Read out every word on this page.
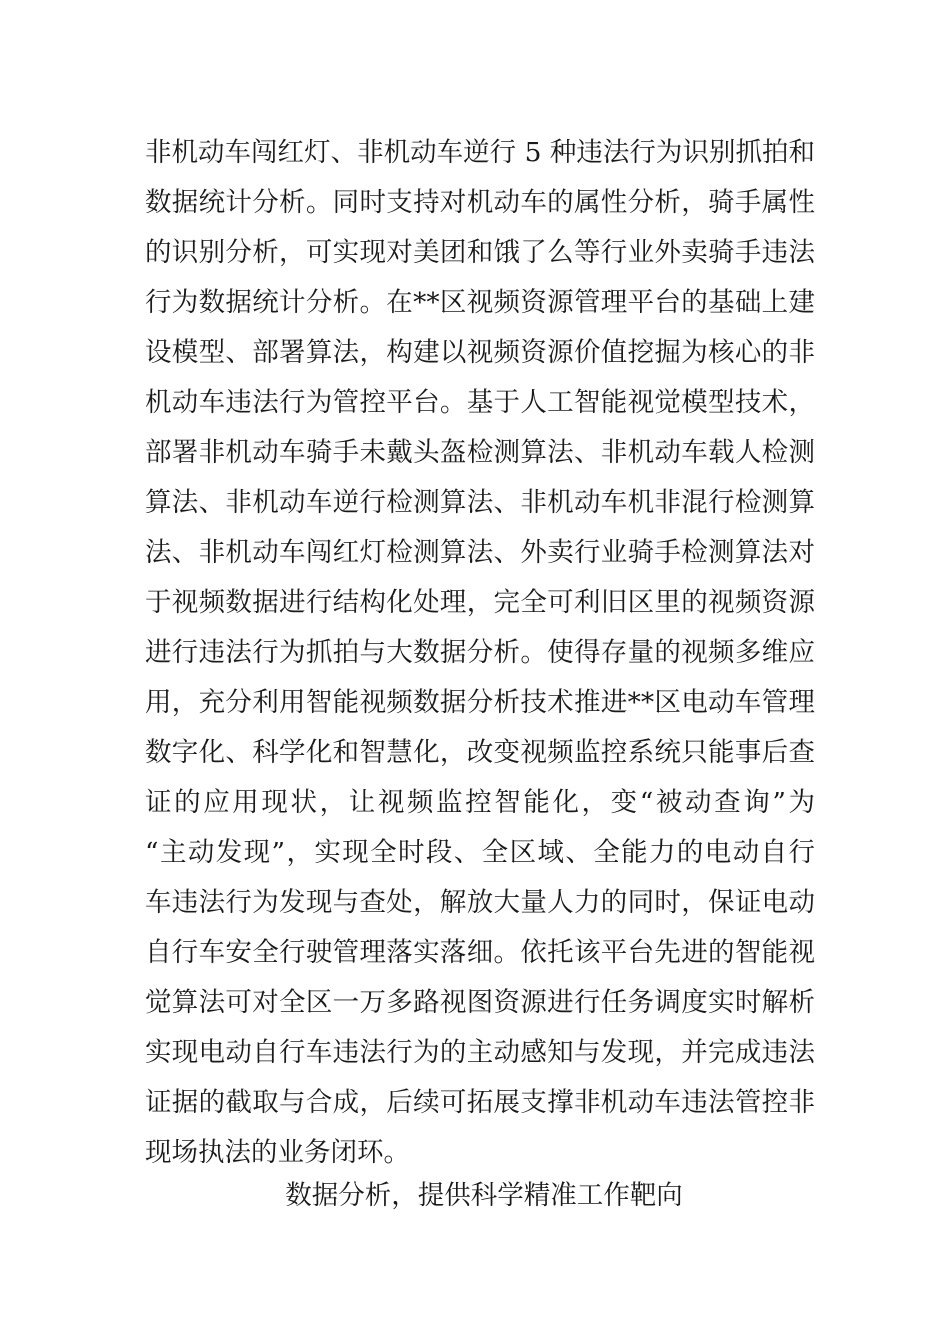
非机动车闯红灯、非机动车逆行 5 种违法行为识别抓拍和
数据统计分析。同时支持对机动车的属性分析，骑手属性
的识别分析，可实现对美团和饿了么等行业外卖骑手违法
行为数据统计分析。在**区视频资源管理平台的基础上建
设模型、部署算法，构建以视频资源价值挖掘为核心的非
机动车违法行为管控平台。基于人工智能视觉模型技术，
部署非机动车骑手未戴头盔检测算法、非机动车载人检测
算法、非机动车逆行检测算法、非机动车机非混行检测算
法、非机动车闯红灯检测算法、外卖行业骑手检测算法对
于视频数据进行结构化处理，完全可利旧区里的视频资源
进行违法行为抓拍与大数据分析。使得存量的视频多维应
用，充分利用智能视频数据分析技术推进**区电动车管理
数字化、科学化和智慧化，改变视频监控系统只能事后查
证的应用现状，让视频监控智能化，变“被动查询”为
“主动发现”，实现全时段、全区域、全能力的电动自行
车违法行为发现与查处，解放大量人力的同时，保证电动
自行车安全行驶管理落实落细。依托该平台先进的智能视
觉算法可对全区一万多路视图资源进行任务调度实时解析
实现电动自行车违法行为的主动感知与发现，并完成违法
证据的截取与合成，后续可拓展支撑非机动车违法管控非
现场执法的业务闭环。
数据分析，提供科学精准工作靶向
